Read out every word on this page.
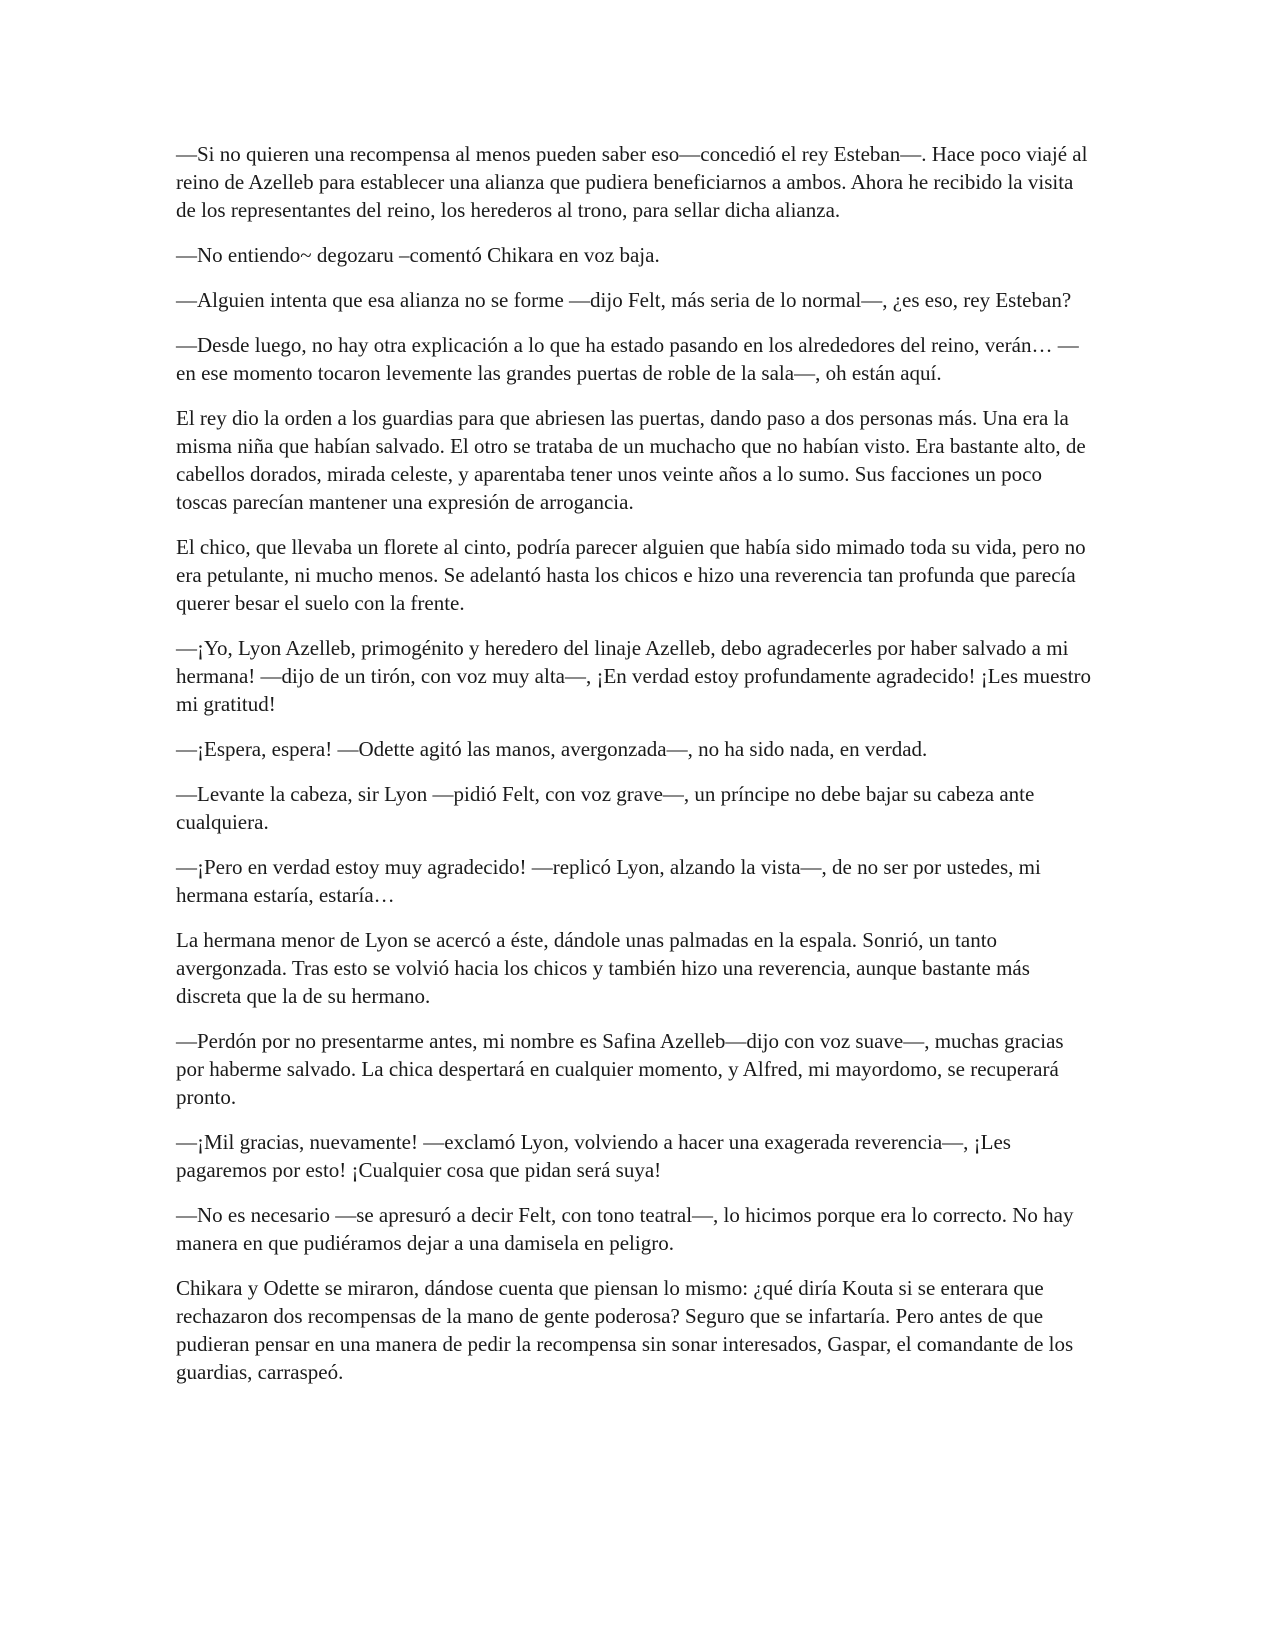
—Si no quieren una recompensa al menos pueden saber eso—concedió el rey Esteban—. Hace poco viajé al reino de Azelleb para establecer una alianza que pudiera beneficiarnos a ambos. Ahora he recibido la visita de los representantes del reino, los herederos al trono, para sellar dicha alianza.

—No entiendo~ degozaru –comentó Chikara en voz baja.

—Alguien intenta que esa alianza no se forme —dijo Felt, más seria de lo normal—, ¿es eso, rey Esteban?

—Desde luego, no hay otra explicación a lo que ha estado pasando en los alrededores del reino, verán… —en ese momento tocaron levemente las grandes puertas de roble de la sala—, oh están aquí.

El rey dio la orden a los guardias para que abriesen las puertas, dando paso a dos personas más. Una era la misma niña que habían salvado. El otro se trataba de un muchacho que no habían visto. Era bastante alto, de cabellos dorados, mirada celeste, y aparentaba tener unos veinte años a lo sumo. Sus facciones un poco toscas parecían mantener una expresión de arrogancia.

El chico, que llevaba un florete al cinto, podría parecer alguien que había sido mimado toda su vida, pero no era petulante, ni mucho menos. Se adelantó hasta los chicos e hizo una reverencia tan profunda que parecía querer besar el suelo con la frente.

—¡Yo, Lyon Azelleb, primogénito y heredero del linaje Azelleb, debo agradecerles por haber salvado a mi hermana! —dijo de un tirón, con voz muy alta—, ¡En verdad estoy profundamente agradecido! ¡Les muestro mi gratitud!

—¡Espera, espera! —Odette agitó las manos, avergonzada—, no ha sido nada, en verdad.

—Levante la cabeza, sir Lyon —pidió Felt, con voz grave—, un príncipe no debe bajar su cabeza ante cualquiera.

—¡Pero en verdad estoy muy agradecido! —replicó Lyon, alzando la vista—, de no ser por ustedes, mi hermana estaría, estaría…

La hermana menor de Lyon se acercó a éste, dándole unas palmadas en la espala. Sonrió, un tanto avergonzada. Tras esto se volvió hacia los chicos y también hizo una reverencia, aunque bastante más discreta que la de su hermano.

—Perdón por no presentarme antes, mi nombre es Safina Azelleb—dijo con voz suave—, muchas gracias por haberme salvado. La chica despertará en cualquier momento, y Alfred, mi mayordomo, se recuperará pronto.

—¡Mil gracias, nuevamente! —exclamó Lyon, volviendo a hacer una exagerada reverencia—, ¡Les pagaremos por esto! ¡Cualquier cosa que pidan será suya!

—No es necesario —se apresuró a decir Felt, con tono teatral—, lo hicimos porque era lo correcto. No hay manera en que pudiéramos dejar a una damisela en peligro.

Chikara y Odette se miraron, dándose cuenta que piensan lo mismo: ¿qué diría Kouta si se enterara que rechazaron dos recompensas de la mano de gente poderosa? Seguro que se infartaría. Pero antes de que pudieran pensar en una manera de pedir la recompensa sin sonar interesados, Gaspar, el comandante de los guardias, carraspeó.
